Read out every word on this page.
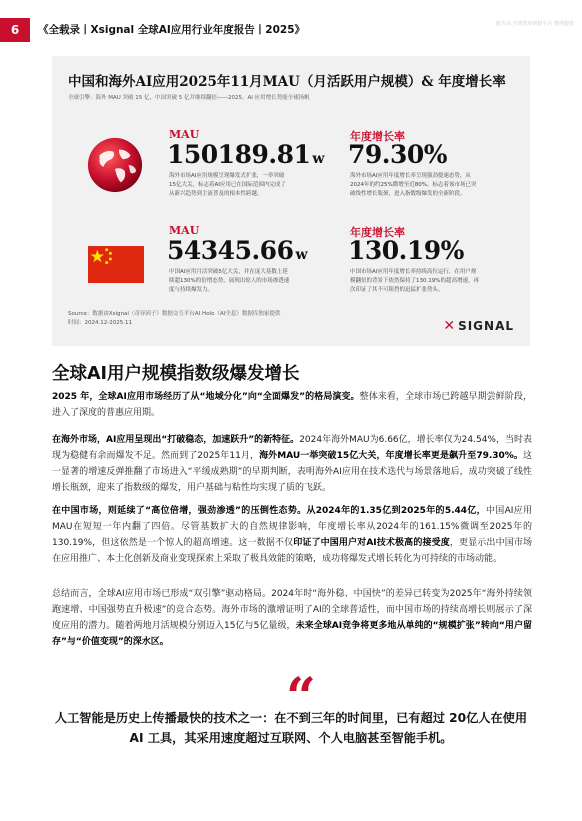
6	《全载录丨Xsignal 全球AI应用行业年度报告丨2025》	报告由 全球智库研报平台 整理提供
中国和海外AI应用2025年11月MAU（月活跃用户规模）& 年度增长率
全球引擎：海外 MAU 突破 15 亿，中国突破 5 亿并继续翻倍——2025，AI 应用增长势能全球扬帆
MAU
150189.81 w
海外市场AI应用规模呈现爆发式扩张，一举突破15亿大关，标志着AI应用已在国际范围内完成了从新兴趋势到主流普及的根本性跨越。
年度增长率
79.30%
海外市场AI应用年度增长率呈现强劲提速态势，从2024年的约25%微增至近80%，标志着该市场已突破线性增长瓶颈，进入指数级爆发的全新阶段。
MAU
54345.66 w
中国AI应用月活突破5亿大关，并在庞大基数上延续超130%的倍增态势，展现出惊人的市场渗透速度与持续爆发力。
年度增长率
130.19%
中国市场AI应用年度增长率持续高位运行，在用户规模翻倍的背景下依然保持了130.19%的超高增速，再次印证了其不可阻挡的迅猛扩张势头。
Source：数据由Xsignal（奇异因子）数据交互平台AI Holo（AI全息）数据库独家提供
时间：2024.12-2025.11	✕ SIGNAL
全球AI用户规模指数级爆发增长

2025 年，全球AI应用市场经历了从“地域分化”向“全面爆发”的格局演变。整体来看，全球市场已跨越早期尝鲜阶段，进入了深度的普惠应用期。

在海外市场，AI应用呈现出“打破稳态，加速跃升”的新特征。2024年海外MAU为6.66亿，增长率仅为24.54%，当时表现为稳健有余而爆发不足。然而到了2025年11月，海外MAU一举突破15亿大关，年度增长率更是飙升至79.30%。这一显著的增速反弹推翻了市场进入“平缓成熟期”的早期判断，表明海外AI应用在技术迭代与场景落地后，成功突破了线性增长瓶颈，迎来了指数级的爆发，用户基础与粘性均实现了质的飞跃。

在中国市场，则延续了“高位倍增，强劲渗透”的压倒性态势。从2024年的1.35亿到2025年的5.44亿，中国AI应用MAU在短短一年内翻了四倍。尽管基数扩大的自然规律影响，年度增长率从2024年的161.15%微调至2025年的130.19%，但这依然是一个惊人的超高增速。这一数据不仅印证了中国用户对AI技术极高的接受度，更显示出中国市场在应用推广、本土化创新及商业变现探索上采取了极具效能的策略，成功将爆发式增长转化为可持续的市场动能。

总结而言，全球AI应用市场已形成“双引擎”驱动格局。2024年时“海外稳、中国快”的差异已转变为2025年“海外持续领跑速增、中国强势直升极速”的竞合态势。海外市场的激增证明了AI的全球普适性，而中国市场的持续高增长则展示了深度应用的潜力。随着两地月活规模分别迈入15亿与5亿量级，未来全球AI竞争将更多地从单纯的“规模扩张”转向“用户留存”与“价值变现”的深水区。

“
人工智能是历史上传播最快的技术之一：在不到三年的时间里，已有超过 20亿人在使用 AI 工具，其采用速度超过互联网、个人电脑甚至智能手机。
